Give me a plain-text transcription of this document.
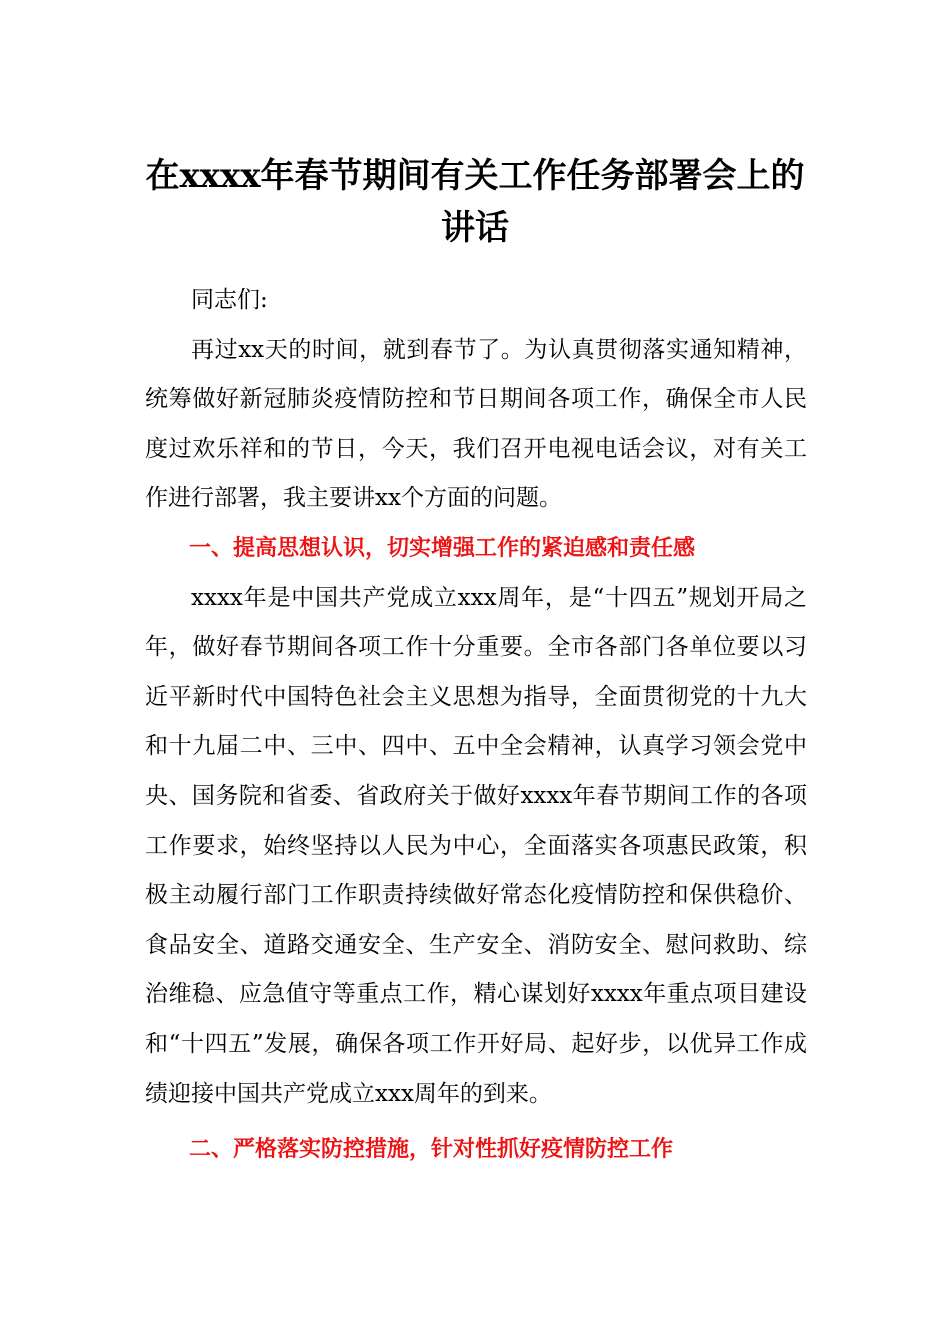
在xxxx年春节期间有关工作任务部署会上的讲话

同志们:

再过xx天的时间，就到春节了。为认真贯彻落实通知精神，统筹做好新冠肺炎疫情防控和节日期间各项工作，确保全市人民度过欢乐祥和的节日，今天，我们召开电视电话会议，对有关工作进行部署，我主要讲xx个方面的问题。

一、提高思想认识，切实增强工作的紧迫感和责任感

xxxx年是中国共产党成立xxx周年，是“十四五”规划开局之年，做好春节期间各项工作十分重要。全市各部门各单位要以习近平新时代中国特色社会主义思想为指导，全面贯彻党的十九大和十九届二中、三中、四中、五中全会精神，认真学习领会党中央、国务院和省委、省政府关于做好xxxx年春节期间工作的各项工作要求，始终坚持以人民为中心，全面落实各项惠民政策，积极主动履行部门工作职责持续做好常态化疫情防控和保供稳价、食品安全、道路交通安全、生产安全、消防安全、慰问救助、综治维稳、应急值守等重点工作，精心谋划好xxxx年重点项目建设和“十四五”发展，确保各项工作开好局、起好步，以优异工作成绩迎接中国共产党成立xxx周年的到来。

二、严格落实防控措施，针对性抓好疫情防控工作
